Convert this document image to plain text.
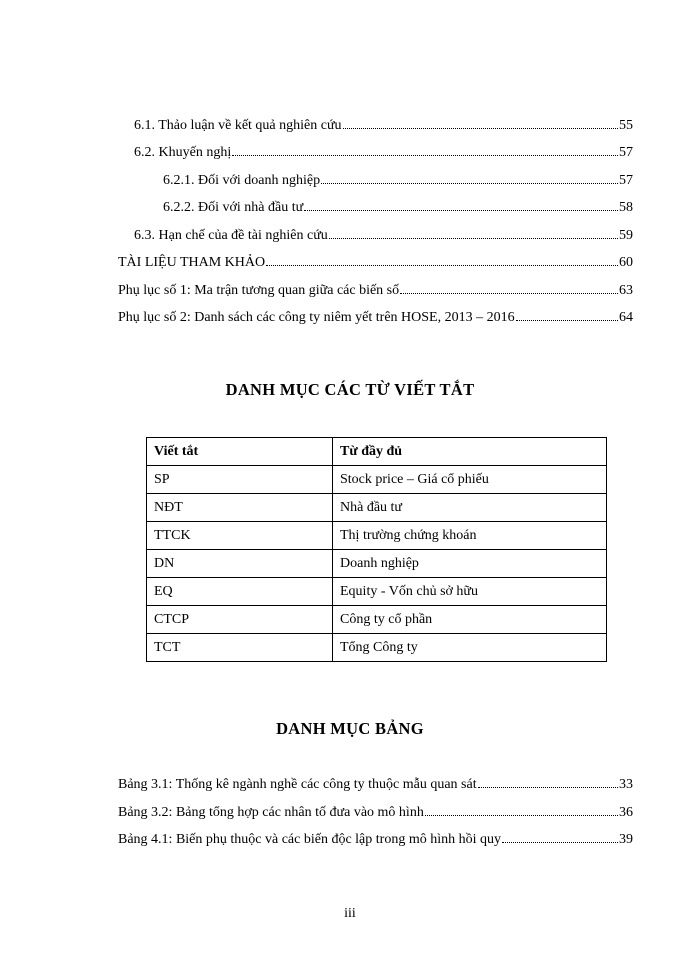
6.1. Thảo luận về kết quả nghiên cứu	55
6.2. Khuyến nghị	57
6.2.1. Đối với doanh nghiệp	57
6.2.2. Đối với nhà đầu tư	58
6.3. Hạn chế của đề tài nghiên cứu	59
TÀI LIỆU THAM KHẢO	60
Phụ lục số 1: Ma trận tương quan giữa các biến số	63
Phụ lục số 2: Danh sách các công ty niêm yết trên HOSE, 2013 – 2016	64
DANH MỤC CÁC TỪ VIẾT TẮT
Viết tắt	Từ đầy đủ
SP	Stock price – Giá cổ phiếu
NĐT	Nhà đầu tư
TTCK	Thị trường chứng khoán
DN	Doanh nghiệp
EQ	Equity - Vốn chủ sở hữu
CTCP	Công ty cổ phần
TCT	Tổng Công ty
DANH MỤC BẢNG
Bảng 3.1: Thống kê ngành nghề các công ty thuộc mẫu quan sát	33
Bảng 3.2: Bảng tổng hợp các nhân tố đưa vào mô hình	36
Bảng 4.1: Biến phụ thuộc và các biến độc lập trong mô hình hồi quy	39
iii
